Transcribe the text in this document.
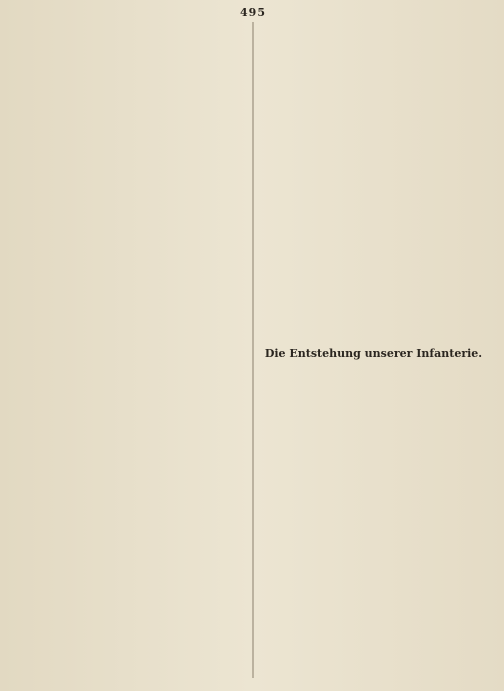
495
Die Entstehung unserer Infanterie.
